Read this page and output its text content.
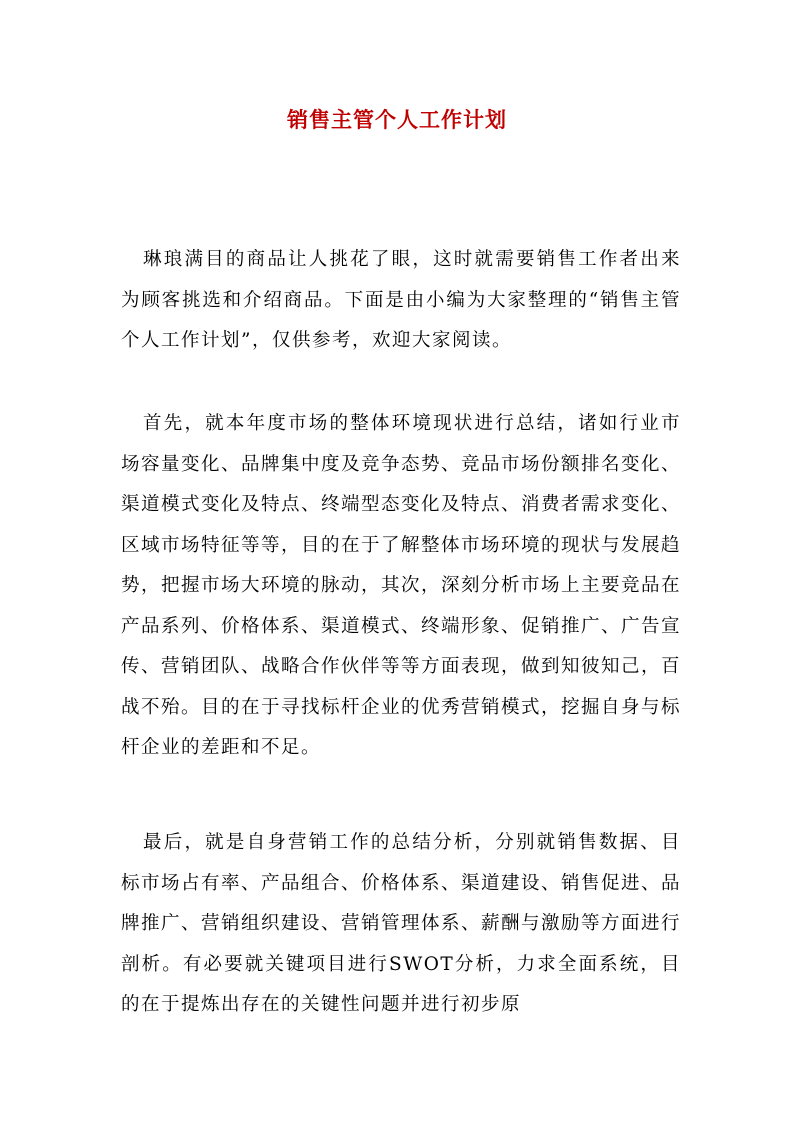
销售主管个人工作计划

琳琅满目的商品让人挑花了眼，这时就需要销售工作者出来为顾客挑选和介绍商品。下面是由小编为大家整理的“销售主管个人工作计划”，仅供参考，欢迎大家阅读。

首先，就本年度市场的整体环境现状进行总结，诸如行业市场容量变化、品牌集中度及竞争态势、竞品市场份额排名变化、渠道模式变化及特点、终端型态变化及特点、消费者需求变化、区域市场特征等等，目的在于了解整体市场环境的现状与发展趋势，把握市场大环境的脉动，其次，深刻分析市场上主要竞品在产品系列、价格体系、渠道模式、终端形象、促销推广、广告宣传、营销团队、战略合作伙伴等等方面表现，做到知彼知己，百战不殆。目的在于寻找标杆企业的优秀营销模式，挖掘自身与标杆企业的差距和不足。

最后，就是自身营销工作的总结分析，分别就销售数据、目标市场占有率、产品组合、价格体系、渠道建设、销售促进、品牌推广、营销组织建设、营销管理体系、薪酬与激励等方面进行剖析。有必要就关键项目进行SWOT分析，力求全面系统，目的在于提炼出存在的关键性问题并进行初步原
